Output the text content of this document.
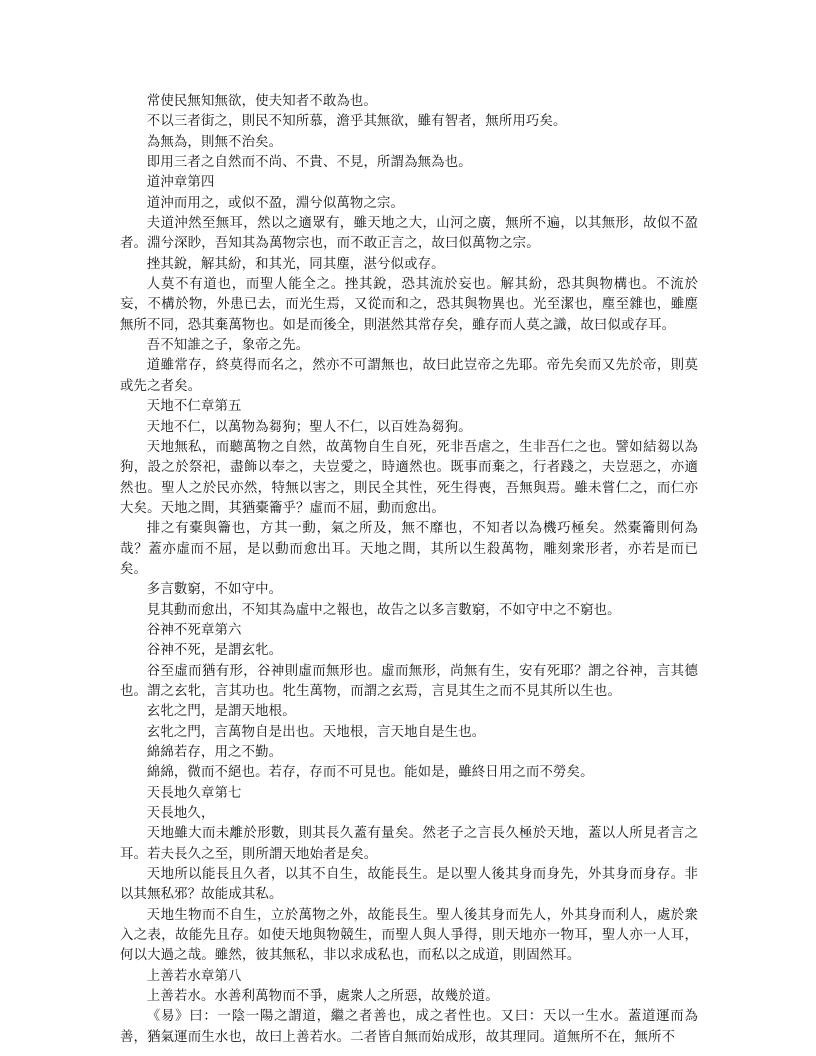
常使民無知無欲，使夫知者不敢為也。

不以三者街之，則民不知所慕，澹乎其無欲，雖有智者，無所用巧矣。

為無為，則無不治矣。

即用三者之自然而不尚、不貴、不見，所謂為無為也。

道沖章第四

道沖而用之，或似不盈，淵兮似萬物之宗。

夫道沖然至無耳，然以之適眾有，雖天地之大，山河之廣，無所不遍，以其無形，故似不盈者。淵兮深眇，吾知其為萬物宗也，而不敢正言之，故曰似萬物之宗。

挫其銳，解其紛，和其光，同其塵，湛兮似或存。

人莫不有道也，而聖人能全之。挫其銳，恐其流於妄也。解其紛，恐其與物構也。不流於妄，不構於物，外患已去，而光生焉，又從而和之，恐其與物異也。光至潔也，塵至雜也，雖塵無所不同，恐其棄萬物也。如是而後全，則湛然其常存矣，雖存而人莫之識，故曰似或存耳。

吾不知誰之子，象帝之先。

道雖常存，終莫得而名之，然亦不可謂無也，故曰此豈帝之先耶。帝先矣而又先於帝，則莫或先之者矣。

天地不仁章第五

天地不仁，以萬物為芻狗；聖人不仁，以百姓為芻狗。

天地無私，而聽萬物之自然，故萬物自生自死，死非吾虐之，生非吾仁之也。譬如結芻以為狗，設之於祭祀，盡飾以奉之，夫豈愛之，時適然也。既事而棄之，行者踐之，夫豈惡之，亦適然也。聖人之於民亦然，特無以害之，則民全其性，死生得喪，吾無與焉。雖未嘗仁之，而仁亦大矣。天地之間，其猶橐籥乎？虛而不屈，動而愈出。

排之有橐與籥也，方其一動，氣之所及，無不靡也，不知者以為機巧極矣。然橐籥則何為哉？蓋亦虛而不屈，是以動而愈出耳。天地之間，其所以生殺萬物，雕刻衆形者，亦若是而已矣。

多言數窮，不如守中。

見其動而愈出，不知其為虛中之報也，故告之以多言數窮，不如守中之不窮也。

谷神不死章第六

谷神不死，是謂玄牝。

谷至虛而猶有形，谷神則虛而無形也。虛而無形，尚無有生，安有死耶？謂之谷神，言其德也。謂之玄牝，言其功也。牝生萬物，而謂之玄焉，言見其生之而不見其所以生也。

玄牝之門，是謂天地根。

玄牝之門，言萬物自是出也。天地根，言天地自是生也。

綿綿若存，用之不勤。

綿綿，微而不絕也。若存，存而不可見也。能如是，雖終日用之而不勞矣。

天長地久章第七

天長地久，

天地雖大而未離於形數，則其長久蓋有量矣。然老子之言長久極於天地，蓋以人所見者言之耳。若夫長久之至，則所謂天地始者是矣。

天地所以能長且久者，以其不自生，故能長生。是以聖人後其身而身先，外其身而身存。非以其無私邪？故能成其私。

天地生物而不自生，立於萬物之外，故能長生。聖人後其身而先人，外其身而利人，處於衆入之表，故能先且存。如使天地與物競生，而聖人與人爭得，則天地亦一物耳，聖人亦一人耳，何以大過之哉。雖然，彼其無私，非以求成私也，而私以之成道，則固然耳。

上善若水章第八

上善若水。水善利萬物而不爭，處衆人之所惡，故幾於道。

《易》曰：一陰一陽之謂道，繼之者善也，成之者性也。又曰：天以一生水。蓋道運而為善，猶氣運而生水也，故曰上善若水。二者皆自無而始成形，故其理同。道無所不在，無所不
